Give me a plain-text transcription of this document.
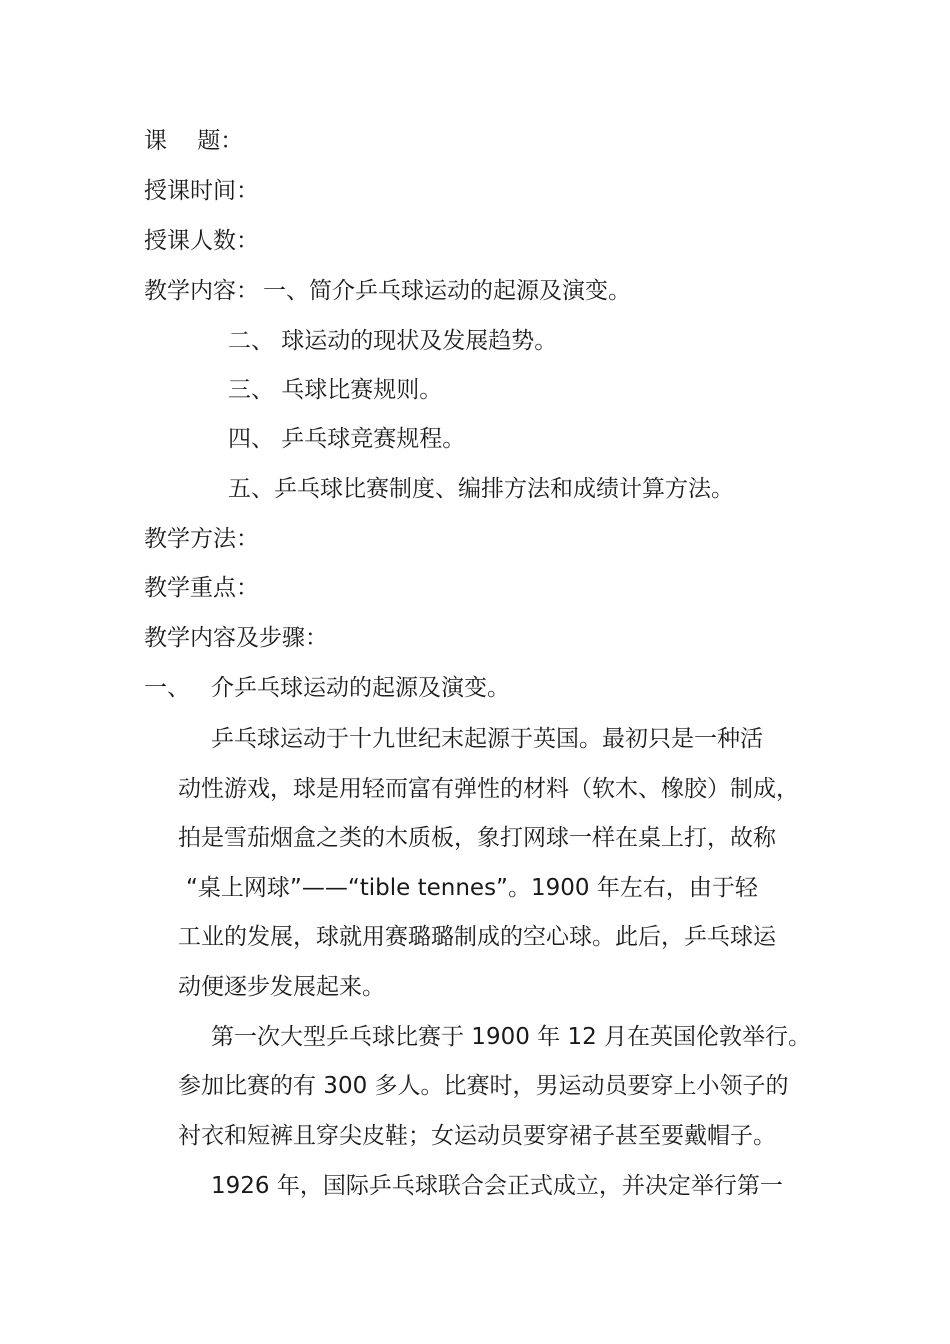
课　 题：
授课时间：
授课人数：
教学内容： 一、简介乒乓球运动的起源及演变。
二、 球运动的现状及发展趋势。
三、 乓球比赛规则。
四、 乒乓球竞赛规程。
五、乒乓球比赛制度、编排方法和成绩计算方法。
教学方法：
教学重点：
教学内容及步骤：
一、 介乒乓球运动的起源及演变。
乒乓球运动于十九世纪末起源于英国。最初只是一种活
动性游戏，球是用轻而富有弹性的材料（软木、橡胶）制成，
拍是雪茄烟盒之类的木质板，象打网球一样在桌上打，故称
“桌上网球”——“tible tennes”。1900 年左右，由于轻
工业的发展，球就用赛璐璐制成的空心球。此后，乒乓球运
动便逐步发展起来。
第一次大型乒乓球比赛于 1900 年 12 月在英国伦敦举行。
参加比赛的有 300 多人。比赛时，男运动员要穿上小领子的
衬衣和短裤且穿尖皮鞋；女运动员要穿裙子甚至要戴帽子。
1926 年，国际乒乓球联合会正式成立，并决定举行第一
